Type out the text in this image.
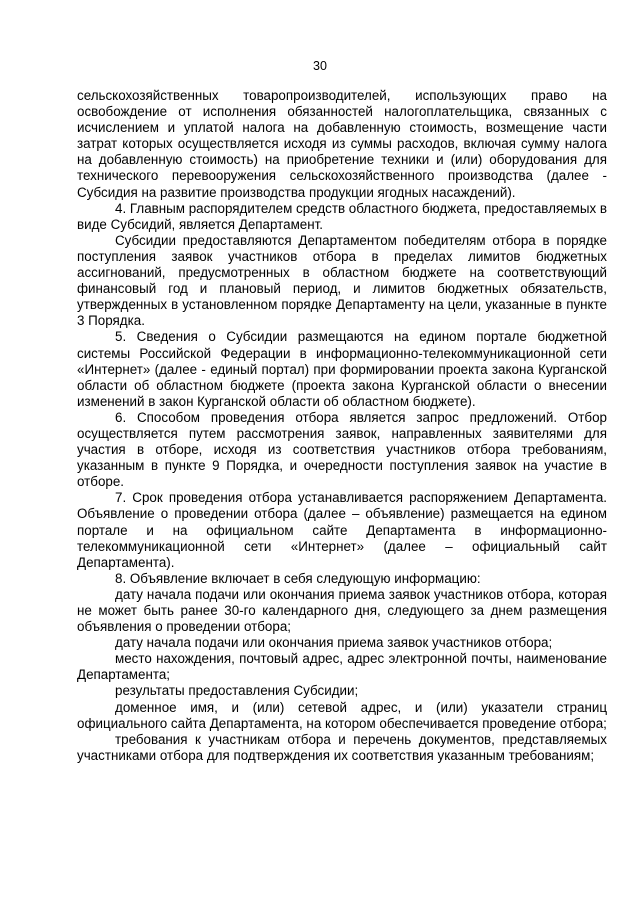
30

сельскохозяйственных товаропроизводителей, использующих право на освобождение от исполнения обязанностей налогоплательщика, связанных с исчислением и уплатой налога на добавленную стоимость, возмещение части затрат которых осуществляется исходя из суммы расходов, включая сумму налога на добавленную стоимость) на приобретение техники и (или) оборудования для технического перевооружения сельскохозяйственного производства (далее - Субсидия на развитие производства продукции ягодных насаждений).

4. Главным распорядителем средств областного бюджета, предоставляемых в виде Субсидий, является Департамент.

Субсидии предоставляются Департаментом победителям отбора в порядке поступления заявок участников отбора в пределах лимитов бюджетных ассигнований, предусмотренных в областном бюджете на соответствующий финансовый год и плановый период, и лимитов бюджетных обязательств, утвержденных в установленном порядке Департаменту на цели, указанные в пункте 3 Порядка.

5. Сведения о Субсидии размещаются на едином портале бюджетной системы Российской Федерации в информационно-телекоммуникационной сети «Интернет» (далее - единый портал) при формировании проекта закона Курганской области об областном бюджете (проекта закона Курганской области о внесении изменений в закон Курганской области об областном бюджете).

6. Способом проведения отбора является запрос предложений. Отбор осуществляется путем рассмотрения заявок, направленных заявителями для участия в отборе, исходя из соответствия участников отбора требованиям, указанным в пункте 9 Порядка, и очередности поступления заявок на участие в отборе.

7. Срок проведения отбора устанавливается распоряжением Департамента. Объявление о проведении отбора (далее – объявление) размещается на едином портале и на официальном сайте Департамента в информационно-телекоммуникационной сети «Интернет» (далее – официальный сайт Департамента).

8. Объявление включает в себя следующую информацию:

дату начала подачи или окончания приема заявок участников отбора, которая не может быть ранее 30-го календарного дня, следующего за днем размещения объявления о проведении отбора;

дату начала подачи или окончания приема заявок участников отбора;

место нахождения, почтовый адрес, адрес электронной почты, наименование Департамента;

результаты предоставления Субсидии;

доменное имя, и (или) сетевой адрес, и (или) указатели страниц официального сайта Департамента, на котором обеспечивается проведение отбора;

требования к участникам отбора и перечень документов, представляемых участниками отбора для подтверждения их соответствия указанным требованиям;
